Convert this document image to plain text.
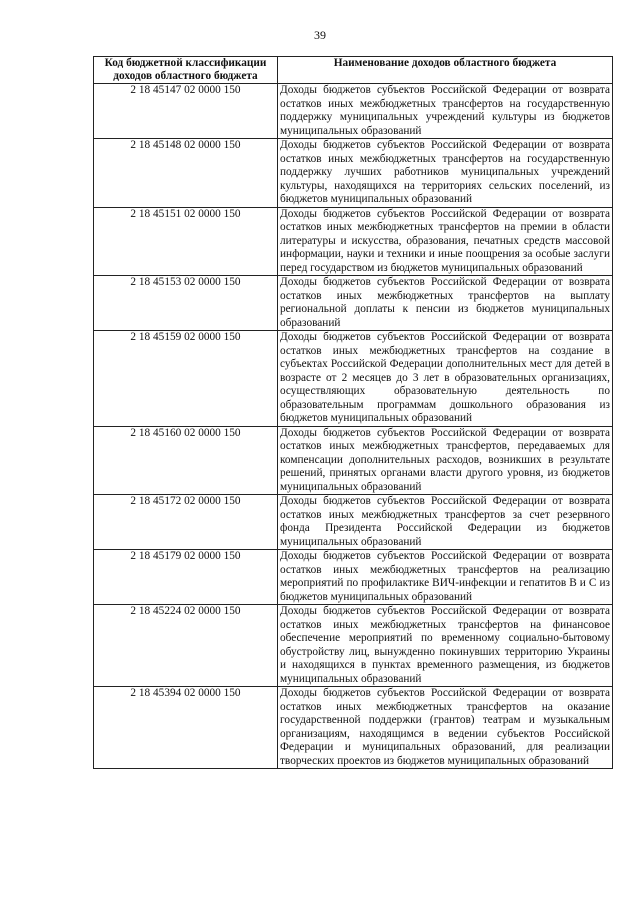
39
Код бюджетной классификации доходов областного бюджета	Наименование доходов областного бюджета
2 18 45147 02 0000 150	Доходы бюджетов субъектов Российской Федерации от возврата остатков иных межбюджетных трансфертов на государственную поддержку муниципальных учреждений культуры из бюджетов муниципальных образований
2 18 45148 02 0000 150	Доходы бюджетов субъектов Российской Федерации от возврата остатков иных межбюджетных трансфертов на государственную поддержку лучших работников муниципальных учреждений культуры, находящихся на территориях сельских поселений, из бюджетов муниципальных образований
2 18 45151 02 0000 150	Доходы бюджетов субъектов Российской Федерации от возврата остатков иных межбюджетных трансфертов на премии в области литературы и искусства, образования, печатных средств массовой информации, науки и техники и иные поощрения за особые заслуги перед государством из бюджетов муниципальных образований
2 18 45153 02 0000 150	Доходы бюджетов субъектов Российской Федерации от возврата остатков иных межбюджетных трансфертов на выплату региональной доплаты к пенсии из бюджетов муниципальных образований
2 18 45159 02 0000 150	Доходы бюджетов субъектов Российской Федерации от возврата остатков иных межбюджетных трансфертов на создание в субъектах Российской Федерации дополнительных мест для детей в возрасте от 2 месяцев до 3 лет в образовательных организациях, осуществляющих образовательную деятельность по образовательным программам дошкольного образования из бюджетов муниципальных образований
2 18 45160 02 0000 150	Доходы бюджетов субъектов Российской Федерации от возврата остатков иных межбюджетных трансфертов, передаваемых для компенсации дополнительных расходов, возникших в результате решений, принятых органами власти другого уровня, из бюджетов муниципальных образований
2 18 45172 02 0000 150	Доходы бюджетов субъектов Российской Федерации от возврата остатков иных межбюджетных трансфертов за счет резервного фонда Президента Российской Федерации из бюджетов муниципальных образований
2 18 45179 02 0000 150	Доходы бюджетов субъектов Российской Федерации от возврата остатков иных межбюджетных трансфертов на реализацию мероприятий по профилактике ВИЧ-инфекции и гепатитов В и С из бюджетов муниципальных образований
2 18 45224 02 0000 150	Доходы бюджетов субъектов Российской Федерации от возврата остатков иных межбюджетных трансфертов на финансовое обеспечение мероприятий по временному социально-бытовому обустройству лиц, вынужденно покинувших территорию Украины и находящихся в пунктах временного размещения, из бюджетов муниципальных образований
2 18 45394 02 0000 150	Доходы бюджетов субъектов Российской Федерации от возврата остатков иных межбюджетных трансфертов на оказание государственной поддержки (грантов) театрам и музыкальным организациям, находящимся в ведении субъектов Российской Федерации и муниципальных образований, для реализации творческих проектов из бюджетов муниципальных образований
